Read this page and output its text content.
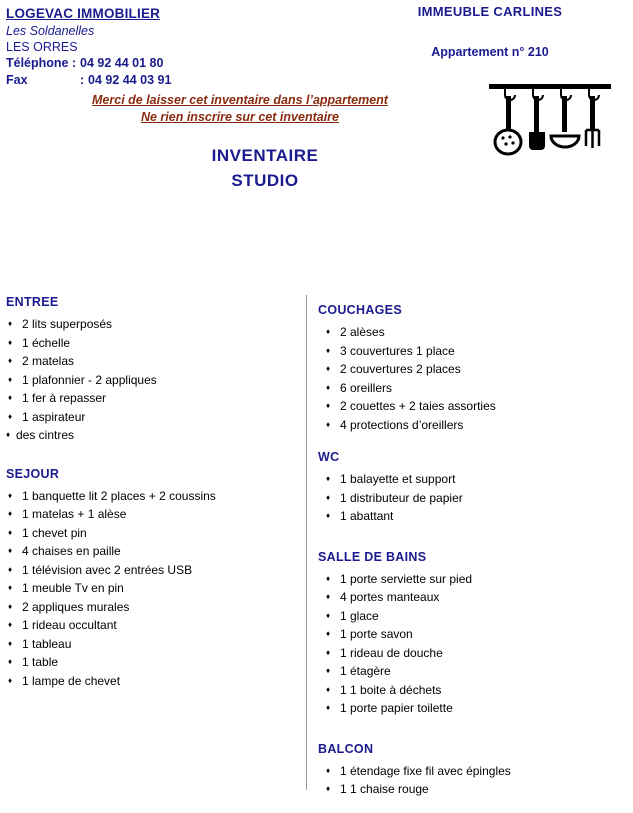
LOGEVAC IMMOBILIER
Les Soldanelles
LES ORRES
Téléphone : 04 92 44 01 80
Fax	: 04 92 44 03 91
IMMEUBLE CARLINES
Appartement n° 210
Merci de laisser cet inventaire dans l’appartement
Ne rien inscrire sur cet inventaire
INVENTAIRE
STUDIO
ENTREE
♦ 2 lits superposés
♦ 1 échelle
♦ 2 matelas
♦ 1 plafonnier - 2 appliques
♦ 1 fer à repasser
♦ 1 aspirateur
♦ des cintres
SEJOUR
♦ 1 banquette lit 2 places + 2 coussins
♦ 1 matelas + 1 alèse
♦ 1 chevet pin
♦ 4 chaises en paille
♦ 1 télévision avec 2 entrées USB
♦ 1 meuble Tv en pin
♦ 2 appliques murales
♦ 1 rideau occultant
♦ 1 tableau
♦ 1 table
♦ 1 lampe de chevet
COUCHAGES
♦ 2 alèses
♦ 3 couvertures 1 place
♦ 2 couvertures 2 places
♦ 6 oreillers
♦ 2 couettes + 2 taies assorties
♦ 4 protections d’oreillers
WC
♦ 1 balayette et support
♦ 1 distributeur de papier
♦ 1 abattant
SALLE DE BAINS
♦ 1 porte serviette sur pied
♦ 4 portes manteaux
♦ 1 glace
♦ 1 porte savon
♦ 1 rideau de douche
♦ 1 étagère
♦ 1 1 boite à déchets
♦ 1 porte papier toilette
BALCON
♦ 1 étendage fixe fil avec épingles
♦ 1 1 chaise rouge
